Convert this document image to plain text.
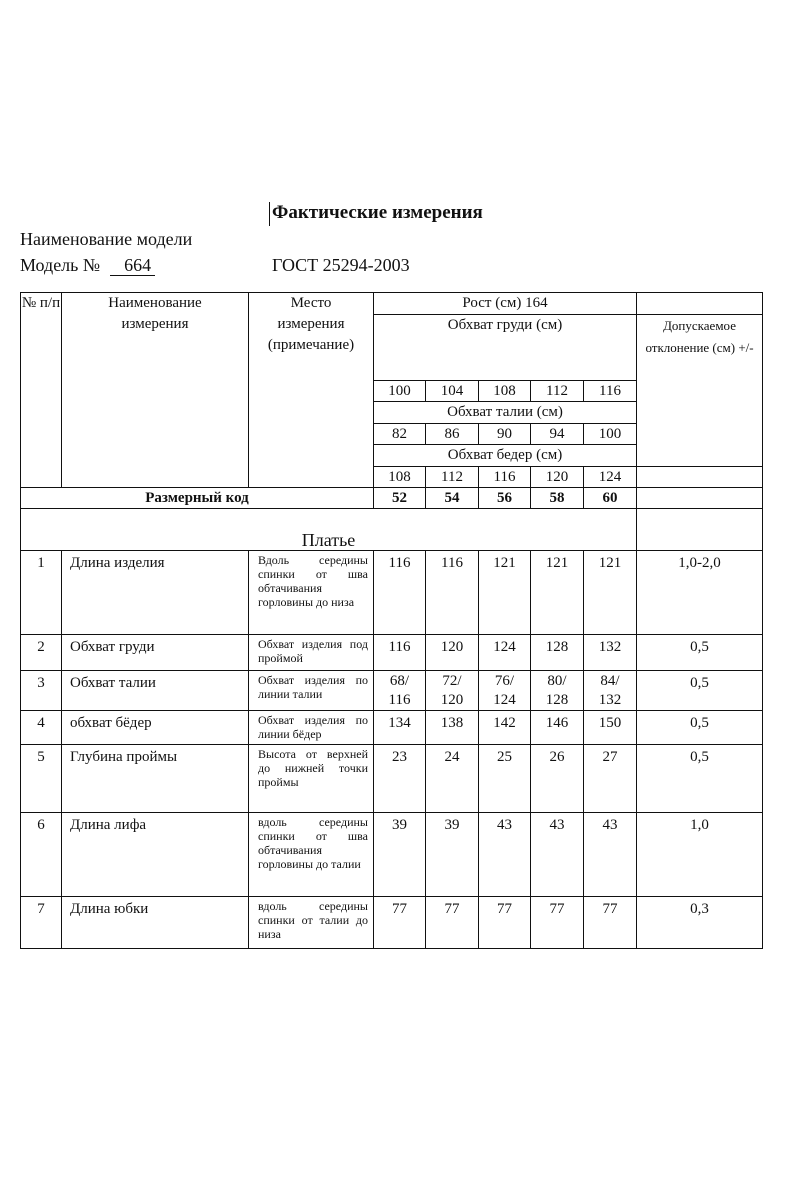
Фактические измерения
Наименование модели
Модель № 664	ГОСТ 25294-2003
№ п/п	Наименование измерения	Место измерения (примечание)	Рост (см) 164					
			Обхват груди (см)					Допускаемое отклонение (см) +/-
			100	104	108	112	116	
			Обхват талии (см)					
			82	86	90	94	100	
			Обхват бедер (см)					
			108	112	116	120	124	
Размерный код			52	54	56	58	60	
Платье								
1	Длина изделия	Вдоль середины спинки от шва обтачивания горловины до низа	116	116	121	121	121	1,0-2,0
2	Обхват груди	Обхват изделия под проймой	116	120	124	128	132	0,5
3	Обхват талии	Обхват изделия по линии талии	68/ 116	72/ 120	76/ 124	80/ 128	84/ 132	0,5
4	обхват бёдер	Обхват изделия по линии бёдер	134	138	142	146	150	0,5
5	Глубина проймы	Высота от верхней до нижней точки проймы	23	24	25	26	27	0,5
6	Длина лифа	вдоль середины спинки от шва обтачивания горловины до талии	39	39	43	43	43	1,0
7	Длина юбки	вдоль середины спинки от талии до низа	77	77	77	77	77	0,3
